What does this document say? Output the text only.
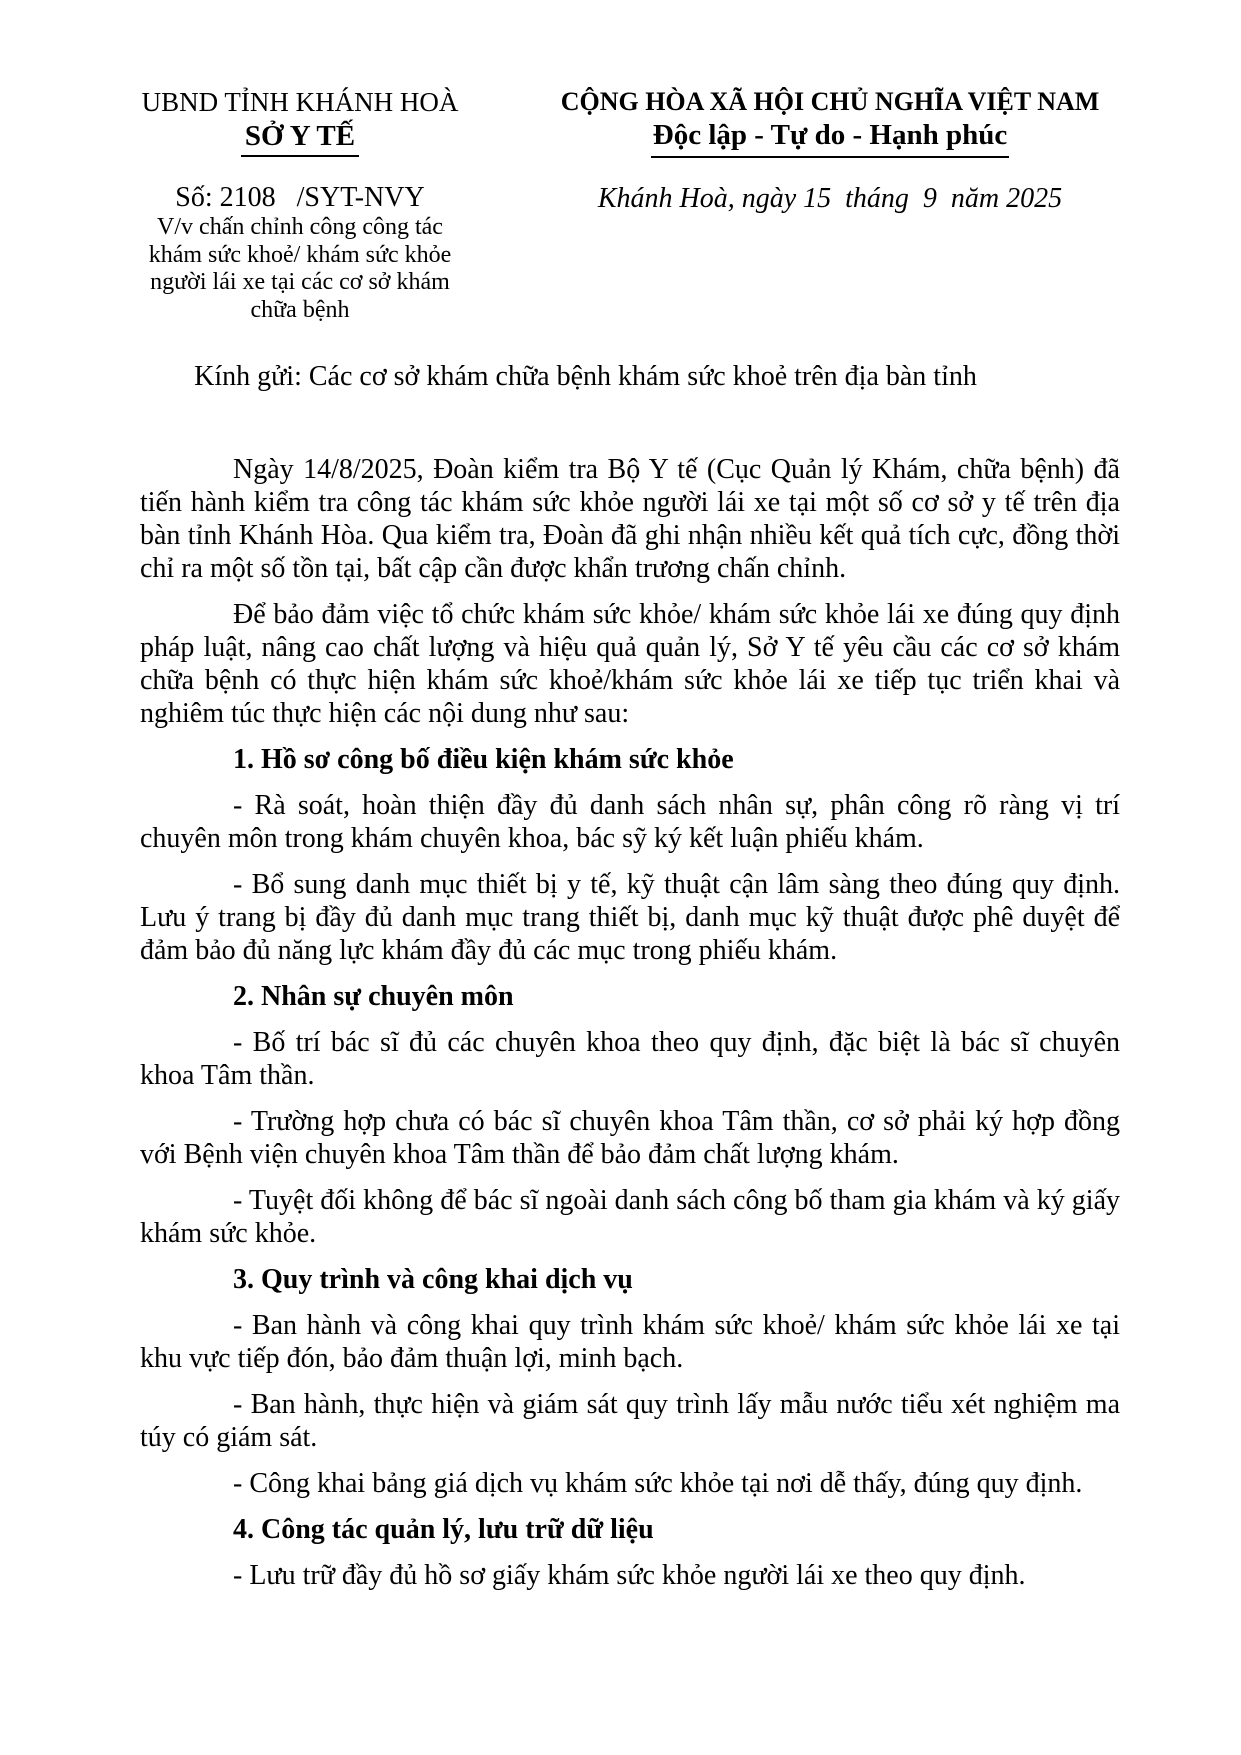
UBND TỈNH KHÁNH HOÀ
SỞ Y TẾ
Số: 2108   /SYT-NVY
V/v chấn chỉnh công công tác
khám sức khoẻ/ khám sức khỏe
người lái xe tại các cơ sở khám
chữa bệnh
CỘNG HÒA XÃ HỘI CHỦ NGHĨA VIỆT NAM
Độc lập - Tự do - Hạnh phúc
Khánh Hoà, ngày 15  tháng  9  năm 2025
Kính gửi: Các cơ sở khám chữa bệnh khám sức khoẻ trên địa bàn tỉnh

Ngày 14/8/2025, Đoàn kiểm tra Bộ Y tế (Cục Quản lý Khám, chữa bệnh) đã tiến hành kiểm tra công tác khám sức khỏe người lái xe tại một số cơ sở y tế trên địa bàn tỉnh Khánh Hòa. Qua kiểm tra, Đoàn đã ghi nhận nhiều kết quả tích cực, đồng thời chỉ ra một số tồn tại, bất cập cần được khẩn trương chấn chỉnh.

Để bảo đảm việc tổ chức khám sức khỏe/ khám sức khỏe lái xe đúng quy định pháp luật, nâng cao chất lượng và hiệu quả quản lý, Sở Y tế yêu cầu các cơ sở khám chữa bệnh có thực hiện khám sức khoẻ/khám sức khỏe lái xe tiếp tục triển khai và nghiêm túc thực hiện các nội dung như sau:

1. Hồ sơ công bố điều kiện khám sức khỏe

- Rà soát, hoàn thiện đầy đủ danh sách nhân sự, phân công rõ ràng vị trí chuyên môn trong khám chuyên khoa, bác sỹ ký kết luận phiếu khám.

- Bổ sung danh mục thiết bị y tế, kỹ thuật cận lâm sàng theo đúng quy định. Lưu ý trang bị đầy đủ danh mục trang thiết bị, danh mục kỹ thuật được phê duyệt để đảm bảo đủ năng lực khám đầy đủ các mục trong phiếu khám.

2. Nhân sự chuyên môn

- Bố trí bác sĩ đủ các chuyên khoa theo quy định, đặc biệt là bác sĩ chuyên khoa Tâm thần.

- Trường hợp chưa có bác sĩ chuyên khoa Tâm thần, cơ sở phải ký hợp đồng với Bệnh viện chuyên khoa Tâm thần để bảo đảm chất lượng khám.

- Tuyệt đối không để bác sĩ ngoài danh sách công bố tham gia khám và ký giấy khám sức khỏe.

3. Quy trình và công khai dịch vụ

- Ban hành và công khai quy trình khám sức khoẻ/ khám sức khỏe lái xe tại khu vực tiếp đón, bảo đảm thuận lợi, minh bạch.

- Ban hành, thực hiện và giám sát quy trình lấy mẫu nước tiểu xét nghiệm ma túy có giám sát.

- Công khai bảng giá dịch vụ khám sức khỏe tại nơi dễ thấy, đúng quy định.

4. Công tác quản lý, lưu trữ dữ liệu

- Lưu trữ đầy đủ hồ sơ giấy khám sức khỏe người lái xe theo quy định.
